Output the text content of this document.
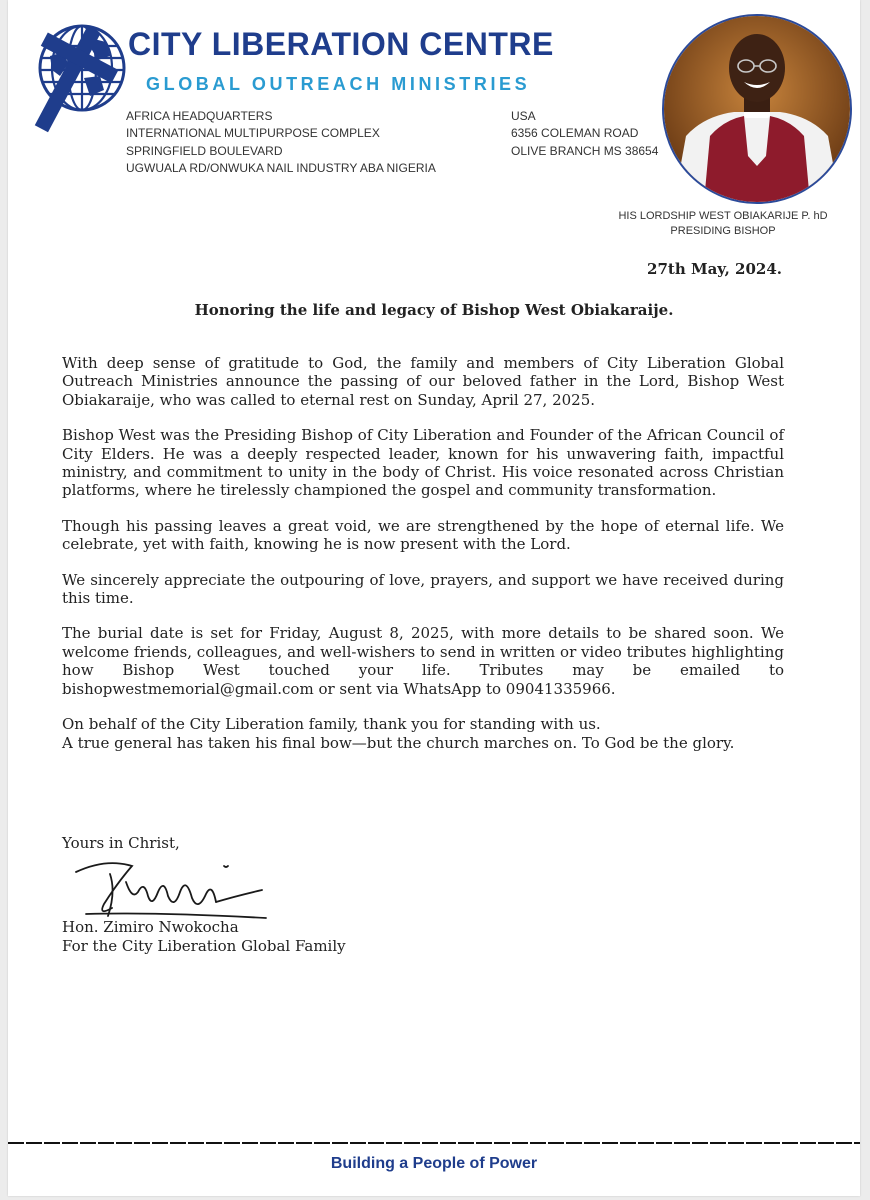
CITY LIBERATION CENTRE
GLOBAL OUTREACH MINISTRIES
AFRICA HEADQUARTERS
INTERNATIONAL MULTIPURPOSE COMPLEX
SPRINGFIELD BOULEVARD
UGWUALA RD/ONWUKA NAIL INDUSTRY ABA NIGERIA
USA
6356 COLEMAN ROAD
OLIVE BRANCH MS 38654
HIS LORDSHIP WEST OBIAKARIJE P. hD
PRESIDING BISHOP
27th May, 2024.
Honoring the life and legacy of Bishop West Obiakaraije.

With deep sense of gratitude to God, the family and members of City Liberation Global Outreach Ministries announce the passing of our beloved father in the Lord, Bishop West Obiakaraije, who was called to eternal rest on Sunday, April 27, 2025.

Bishop West was the Presiding Bishop of City Liberation and Founder of the African Council of City Elders. He was a deeply respected leader, known for his unwavering faith, impactful ministry, and commitment to unity in the body of Christ. His voice resonated across Christian platforms, where he tirelessly championed the gospel and community transformation.

Though his passing leaves a great void, we are strengthened by the hope of eternal life. We celebrate, yet with faith, knowing he is now present with the Lord.

We sincerely appreciate the outpouring of love, prayers, and support we have received during this time.

The burial date is set for Friday, August 8, 2025, with more details to be shared soon. We welcome friends, colleagues, and well-wishers to send in written or video tributes highlighting how Bishop West touched your life. Tributes may be emailed to bishopwestmemorial@gmail.com or sent via WhatsApp to 09041335966.

On behalf of the City Liberation family, thank you for standing with us.

A true general has taken his final bow—but the church marches on. To God be the glory.

Yours in Christ,
Hon. Zimiro Nwokocha
For the City Liberation Global Family
Building a People of Power
